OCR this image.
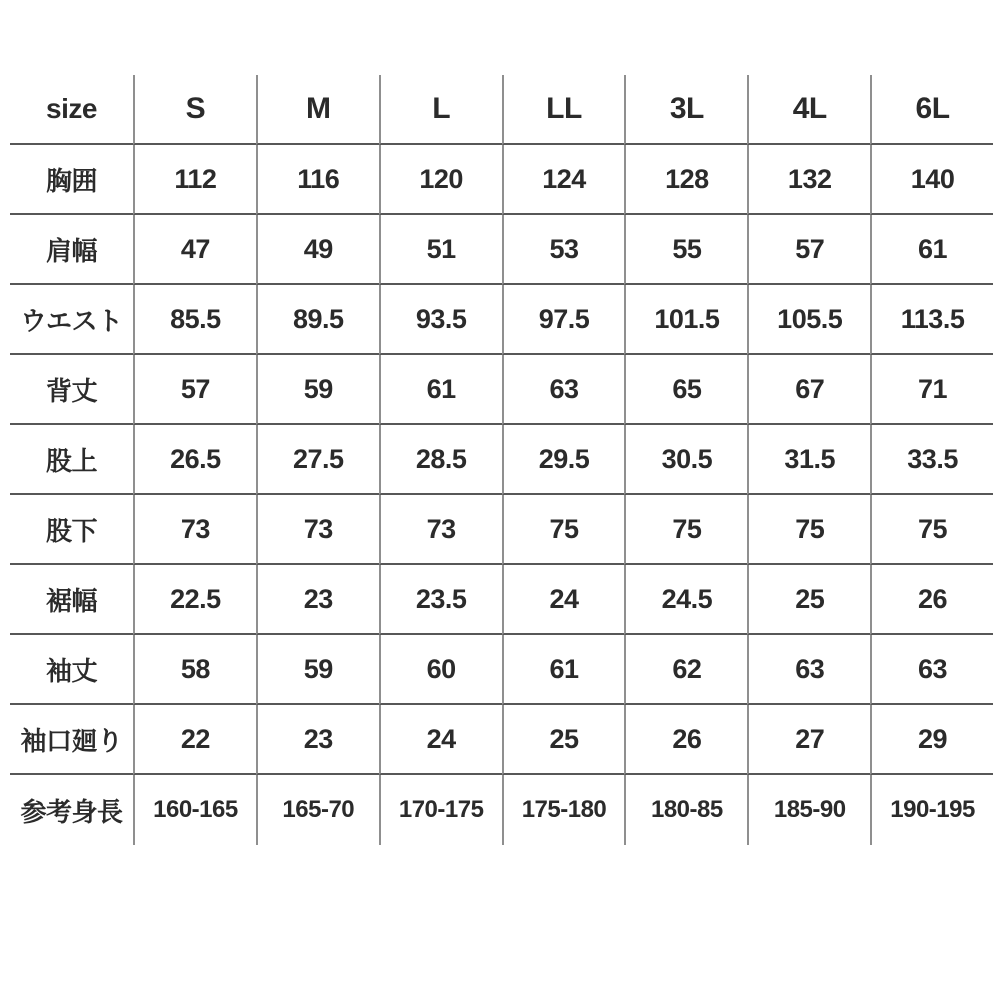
size	S	M	L	LL	3L	4L	6L
胸囲	112	116	120	124	128	132	140
肩幅	47	49	51	53	55	57	61
ウエスト	85.5	89.5	93.5	97.5	101.5	105.5	113.5
背丈	57	59	61	63	65	67	71
股上	26.5	27.5	28.5	29.5	30.5	31.5	33.5
股下	73	73	73	75	75	75	75
裾幅	22.5	23	23.5	24	24.5	25	26
袖丈	58	59	60	61	62	63	63
袖口廻り	22	23	24	25	26	27	29
参考身長	160-165	165-70	170-175	175-180	180-85	185-90	190-195
